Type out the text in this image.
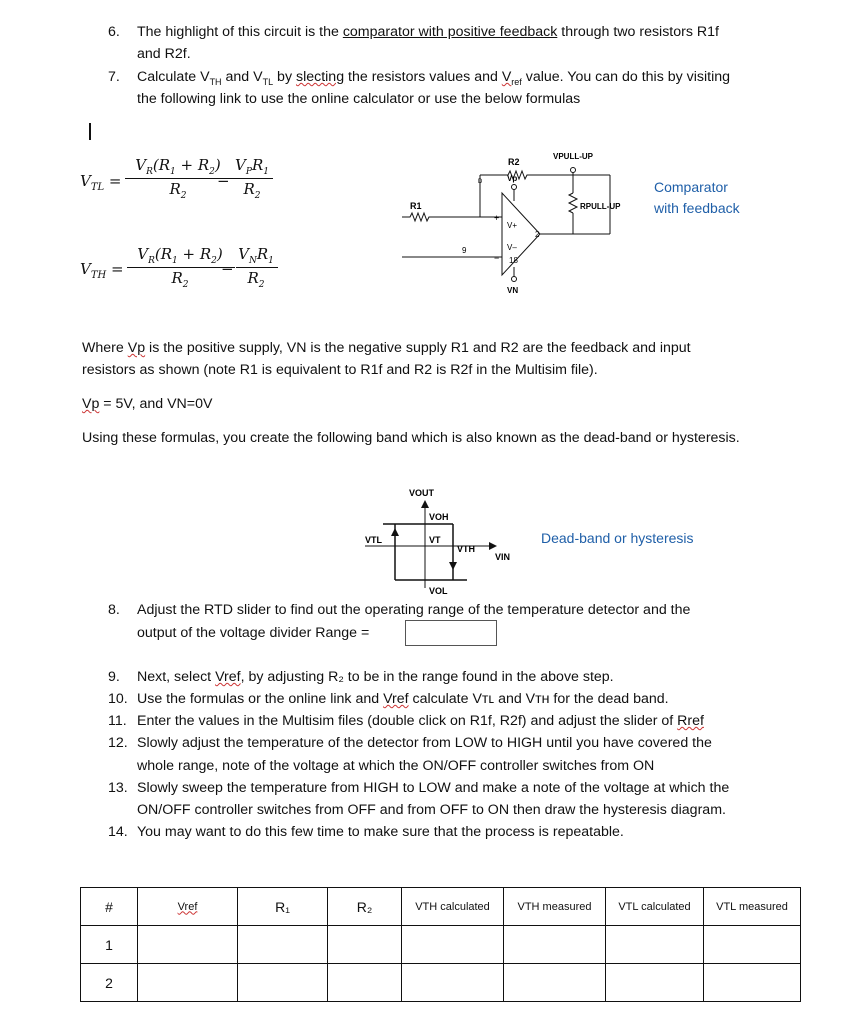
6. The highlight of this circuit is the comparator with positive feedback through two resistors R1f
and R2f.
7. Calculate $V_{TH}$ and $V_{TL}$ by slecting the resistors values and $V_{ref}$ value. You can do this by visiting
the following link to use the online calculator or use the below formulas
$V_{TL}$ =
$V_R(R_1 + R_2)$
$R_2$
−
$V_PR_1$
$R_2$
$V_{TH}$ =
$V_R(R_1 + R_2)$
$R_2$
−
$V_NR_1$
$R_2$
R2
R1
+
−
V+
V–
Vp
D
VN
18
9
2
VPULL-UP
RPULL-UP
Comparator
with feedback
Where Vp is the positive supply, VN is the negative supply R1 and R2 are the feedback and input
resistors as shown (note R1 is equivalent to R1f and R2 is R2f in the Multisim file).
Vp = 5V, and VN=0V
Using these formulas, you create the following band which is also known as the dead-band or hysteresis.
VOUT
VOH
VTL	VT
VTH
VIN
VOL
Dead-band or hysteresis
8. Adjust the RTD slider to find out the operating range of the temperature detector and the
output of the voltage divider Range =
9. Next, select Vref, by adjusting R₂ to be in the range found in the above step.
10. Use the formulas or the online link and Vref calculate Vᴛʟ and Vᴛʜ for the dead band.
11. Enter the values in the Multisim files (double click on R1f, R2f) and adjust the slider of Rref
12. Slowly adjust the temperature of the detector from LOW to HIGH until you have covered the
whole range, note of the voltage at which the ON/OFF controller switches from ON
13. Slowly sweep the temperature from HIGH to LOW and make a note of the voltage at which the
ON/OFF controller switches from OFF and from OFF to ON then draw the hysteresis diagram.
14. You may want to do this few time to make sure that the process is repeatable.
#	Vref	R₁	R₂	VTH calculated	VTH measured	VTL calculated	VTL measured
1							
2							
